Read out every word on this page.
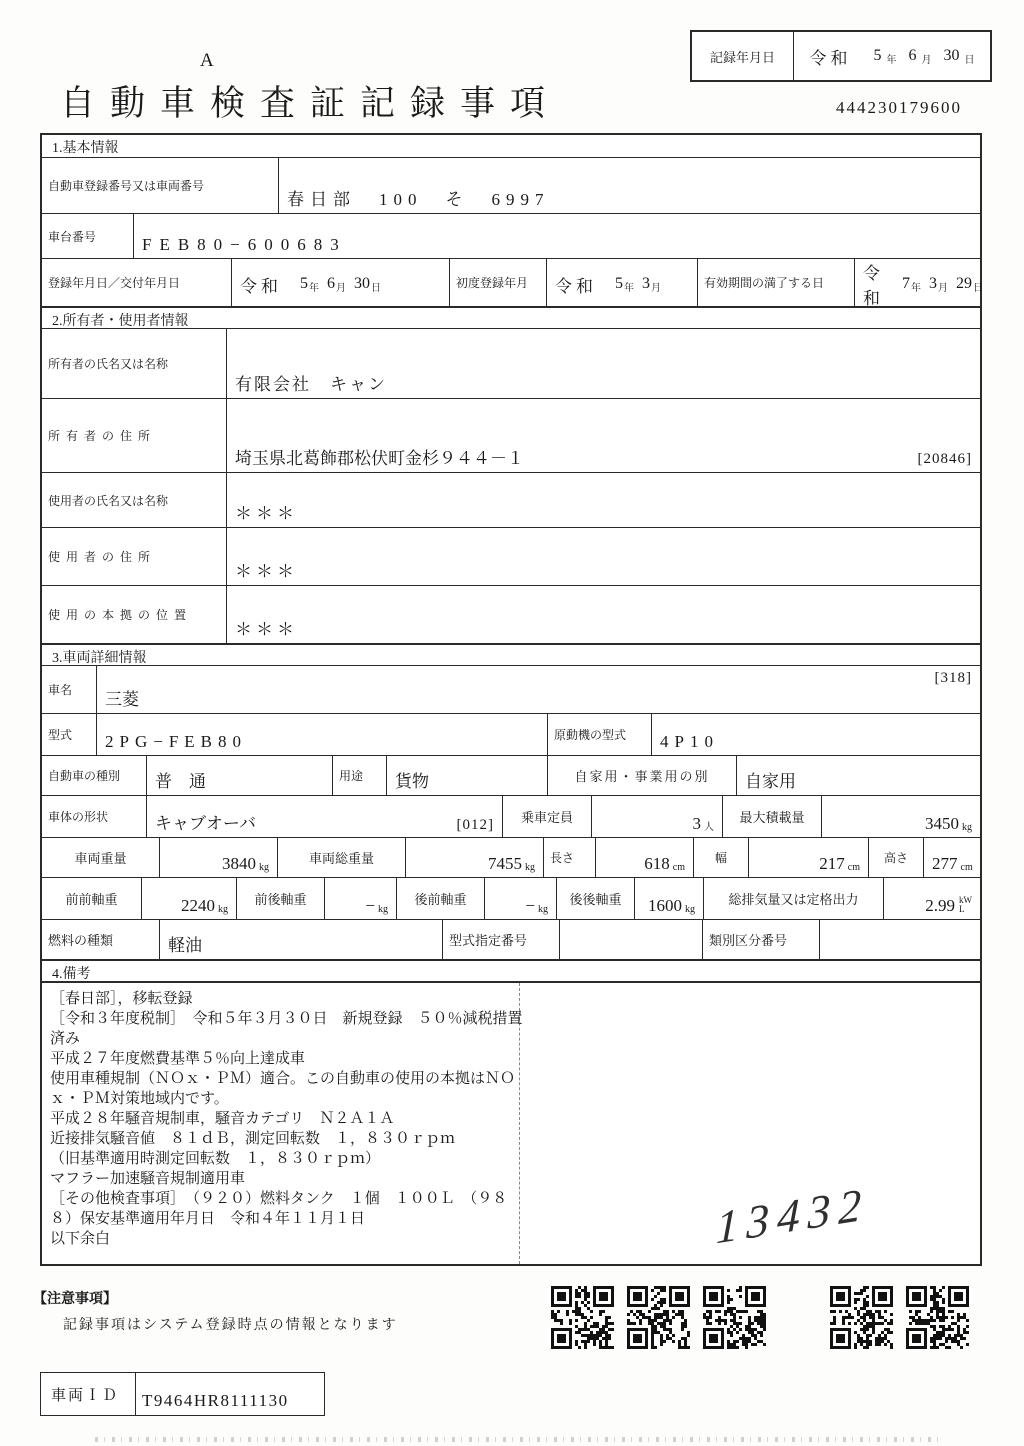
記録年月日	令和 5 年 6 月 30 日
A
自動車検査証記録事項	444230179600
1.基本情報
自動車登録番号又は車両番号
春日部　100　そ　6997
車台番号	FEB80−600683
登録年月日／交付年月日	令和 5 年 6 月 30 日	初度登録年月	令和 5 年 3 月	有効期間の満了する日	令和
7 年 3 月 29 日
2.所有者・使用者情報
所有者の氏名又は名称
有限会社　キャン
所有者の住所
埼玉県北葛飾郡松伏町金杉９４４－１	[20846]
使用者の氏名又は名称
＊＊＊
使用者の住所
＊＊＊
使用の本拠の位置
＊＊＊
3.車両詳細情報
車名	三菱
[318]
型式	2PG−FEB80	原動機の型式	4P10
自動車の種別	普　通	用途	貨物	自家用・事業用の別	自家用
車体の形状	キャブオーバ	[012]	乗車定員	3 人
最大積載量	3450 kg
車両重量	3840 kg
車両総重量	7455 kg
長さ	618 cm
幅	217 cm
高さ	277 cm
前前軸重	2240 kg
前後軸重	− kg
後前軸重	− kg
後後軸重	1600 kg
総排気量又は定格出力	2.99 kW
L
燃料の種類	軽油	型式指定番号	類別区分番号
4.備考
［春日部］，移転登録
［令和３年度税制］　令和５年３月３０日　新規登録　５０％減税措置
済み
平成２７年度燃費基準５％向上達成車
使用車種規制（ＮＯｘ・ＰＭ）適合。この自動車の使用の本拠はＮＯ
ｘ・ＰＭ対策地域内です。
平成２８年騒音規制車，騒音カテゴリ　Ｎ２Ａ１Ａ
近接排気騒音値　８１ｄＢ，測定回転数　１，８３０ｒｐｍ
（旧基準適用時測定回転数　１，８３０ｒｐｍ）
マフラー加速騒音規制適用車
［その他検査事項］　（９２０）燃料タンク　１個　１００Ｌ　（９８
８）保安基準適用年月日　令和４年１１月１日
以下余白	13432
【注意事項】
記録事項はシステム登録時点の情報となります
車両ＩＤ	T9464HR8111130
